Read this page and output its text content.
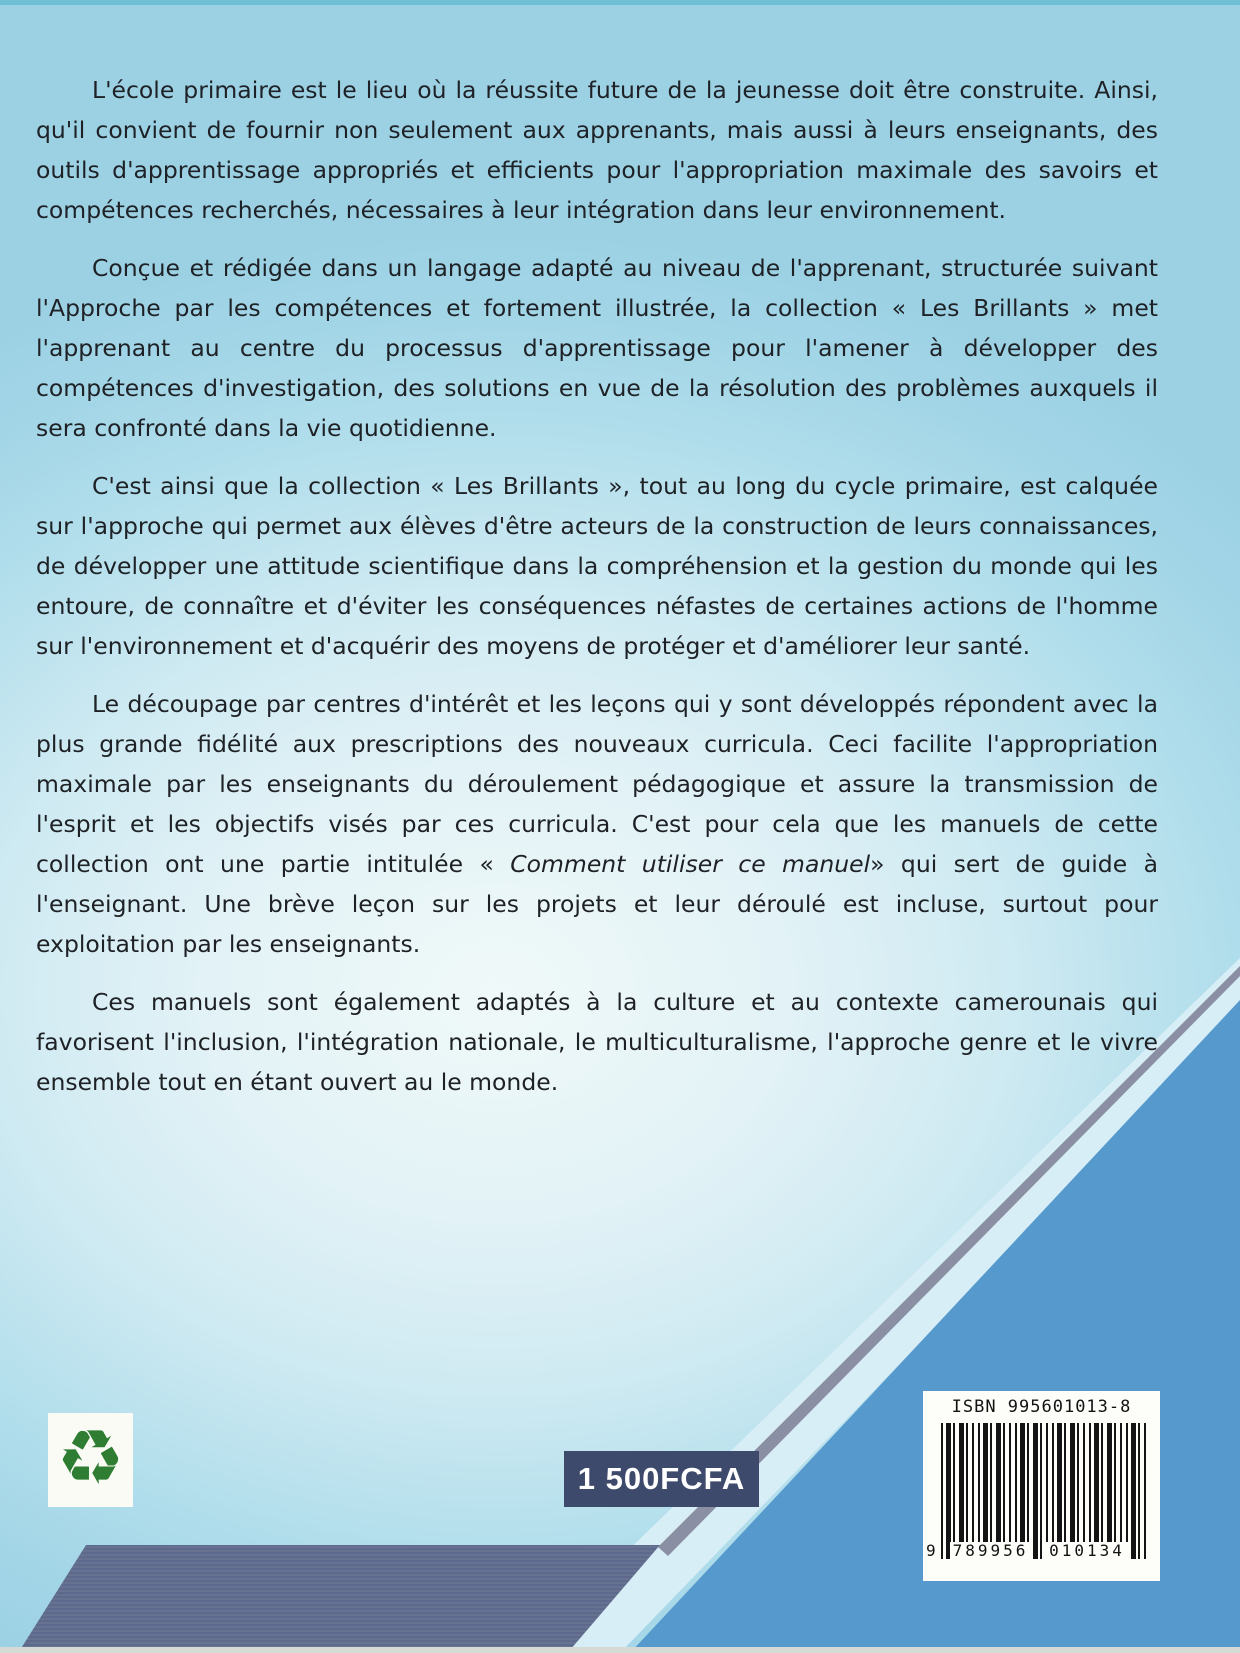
L'école primaire est le lieu où la réussite future de la jeunesse doit être construite. Ainsi, qu'il convient de fournir non seulement aux apprenants, mais aussi à leurs enseignants, des outils d'apprentissage appropriés et efficients pour l'appropriation maximale des savoirs et compétences recherchés, nécessaires à leur intégration dans leur environnement.

Conçue et rédigée dans un langage adapté au niveau de l'apprenant, structurée suivant l'Approche par les compétences et fortement illustrée, la collection « Les Brillants » met l'apprenant au centre du processus d'apprentissage pour l'amener à développer des compétences d'investigation, des solutions en vue de la résolution des problèmes auxquels il sera confronté dans la vie quotidienne.

C'est ainsi que la collection « Les Brillants », tout au long du cycle primaire, est calquée sur l'approche qui permet aux élèves d'être acteurs de la construction de leurs connaissances, de développer une attitude scientifique dans la compréhension et la gestion du monde qui les entoure, de connaître et d'éviter les conséquences néfastes de certaines actions de l'homme sur l'environnement et d'acquérir des moyens de protéger et d'améliorer leur santé.

Le découpage par centres d'intérêt et les leçons qui y sont développés répondent avec la plus grande fidélité aux prescriptions des nouveaux curricula. Ceci facilite l'appropriation maximale par les enseignants du déroulement pédagogique et assure la transmission de l'esprit et les objectifs visés par ces curricula. C'est pour cela que les manuels de cette collection ont une partie intitulée « Comment utiliser ce manuel» qui sert de guide à l'enseignant. Une brève leçon sur les projets et leur déroulé est incluse, surtout pour exploitation par les enseignants.

Ces manuels sont également adaptés à la culture et au contexte camerounais qui favorisent l'inclusion, l'intégration nationale, le multiculturalisme, l'approche genre et le vivre ensemble tout en étant ouvert au le monde.

♻	1 500FCFA
ISBN 995601013-8
789956	010134
9
